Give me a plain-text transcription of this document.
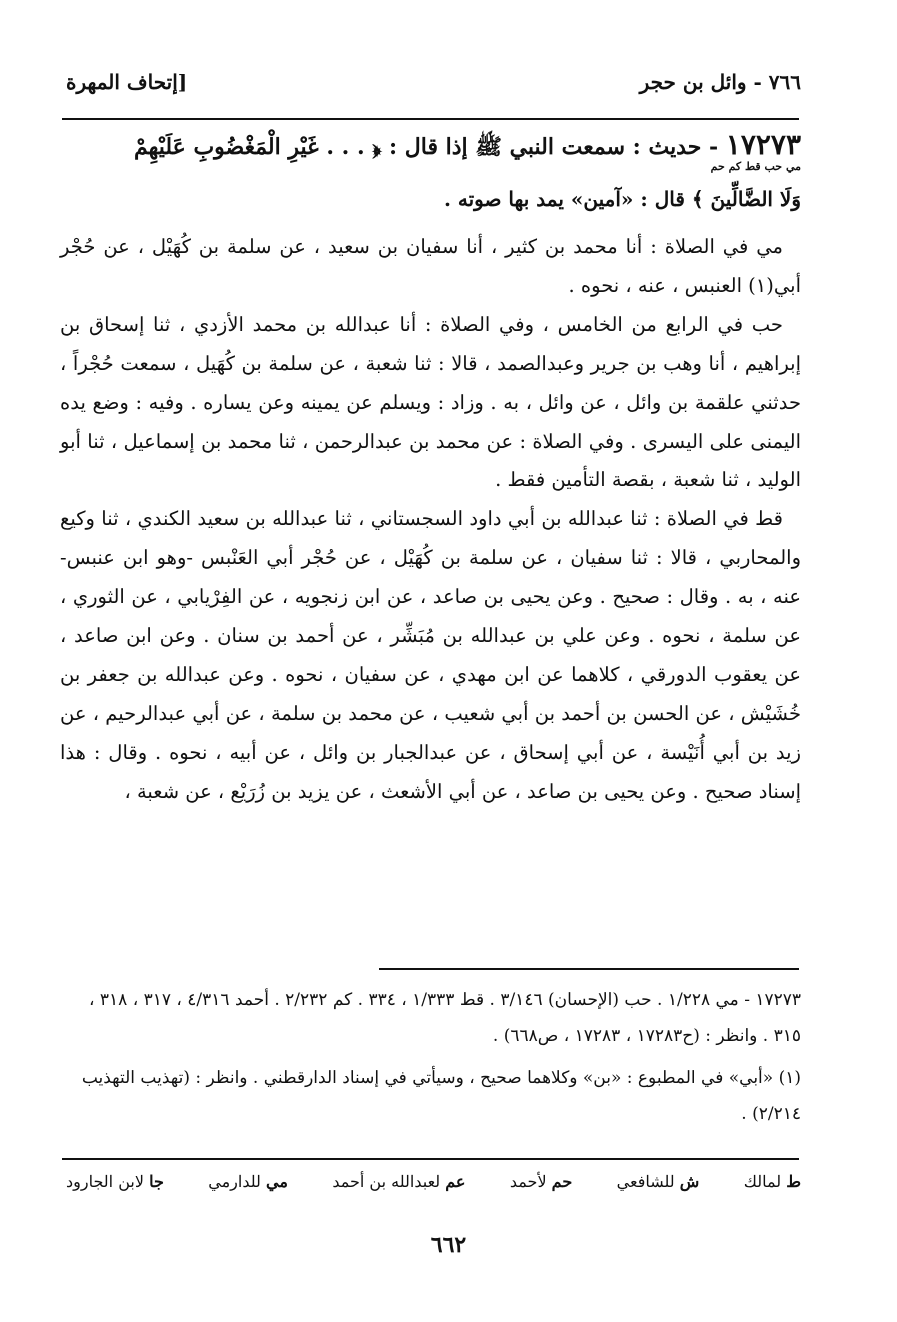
٧٦٦ - وائل بن حجر
[إتحاف المهرة
١٧٢٧٣ - حديث : سمعت النبي ﷺ إذا قال : ﴿ . . . غَيْرِ الْمَغْضُوبِ عَلَيْهِمْ
مي حب قط كم حم
وَلَا الضَّالِّينَ ﴾ قال : «آمين» يمد بها صوته .

مي في الصلاة : أنا محمد بن كثير ، أنا سفيان بن سعيد ، عن سلمة بن كُهَيْل ، عن حُجْر أبي(١) العنبس ، عنه ، نحوه .

حب في الرابع من الخامس ، وفي الصلاة : أنا عبدالله بن محمد الأزدي ، ثنا إسحاق بن إبراهيم ، أنا وهب بن جرير وعبدالصمد ، قالا : ثنا شعبة ، عن سلمة بن كُهَيل ، سمعت حُجْراً ، حدثني علقمة بن وائل ، عن وائل ، به . وزاد : ويسلم عن يمينه وعن يساره . وفيه : وضع يده اليمنى على اليسرى . وفي الصلاة : عن محمد بن عبدالرحمن ، ثنا محمد بن إسماعيل ، ثنا أبو الوليد ، ثنا شعبة ، بقصة التأمين فقط .

قط في الصلاة : ثنا عبدالله بن أبي داود السجستاني ، ثنا عبدالله بن سعيد الكندي ، ثنا وكيع والمحاربي ، قالا : ثنا سفيان ، عن سلمة بن كُهَيْل ، عن حُجْر أبي العَنْبس -وهو ابن عنبس- عنه ، به . وقال : صحيح . وعن يحيى بن صاعد ، عن ابن زنجويه ، عن الفِرْيابي ، عن الثوري ، عن سلمة ، نحوه . وعن علي بن عبدالله بن مُبَشِّر ، عن أحمد بن سنان . وعن ابن صاعد ، عن يعقوب الدورقي ، كلاهما عن ابن مهدي ، عن سفيان ، نحوه . وعن عبدالله بن جعفر بن خُشَيْش ، عن الحسن بن أحمد بن أبي شعيب ، عن محمد بن سلمة ، عن أبي عبدالرحيم ، عن زيد بن أبي أُنَيْسة ، عن أبي إسحاق ، عن عبدالجبار بن وائل ، عن أبيه ، نحوه . وقال : هذا إسناد صحيح . وعن يحيى بن صاعد ، عن أبي الأشعث ، عن يزيد بن زُرَيْع ، عن شعبة ،

١٧٢٧٣ - مي ١/٢٢٨ . حب (الإحسان) ٣/١٤٦ . قط ١/٣٣٣ ، ٣٣٤ . كم ٢/٢٣٢ . أحمد ٤/٣١٦ ، ٣١٧ ، ٣١٨ ، ٣١٥ . وانظر : (ح١٧٢٨٣ ، ١٧٢٨٣ ، ص٦٦٨) .

(١) «أبي» في المطبوع : «بن» وكلاهما صحيح ، وسيأتي في إسناد الدارقطني . وانظر : (تهذيب التهذيب ٢/٢١٤) .

ط لمالك
ش للشافعي
حم لأحمد
عم لعبدالله بن أحمد
مي للدارمي
جا لابن الجارود
٦٦٢
